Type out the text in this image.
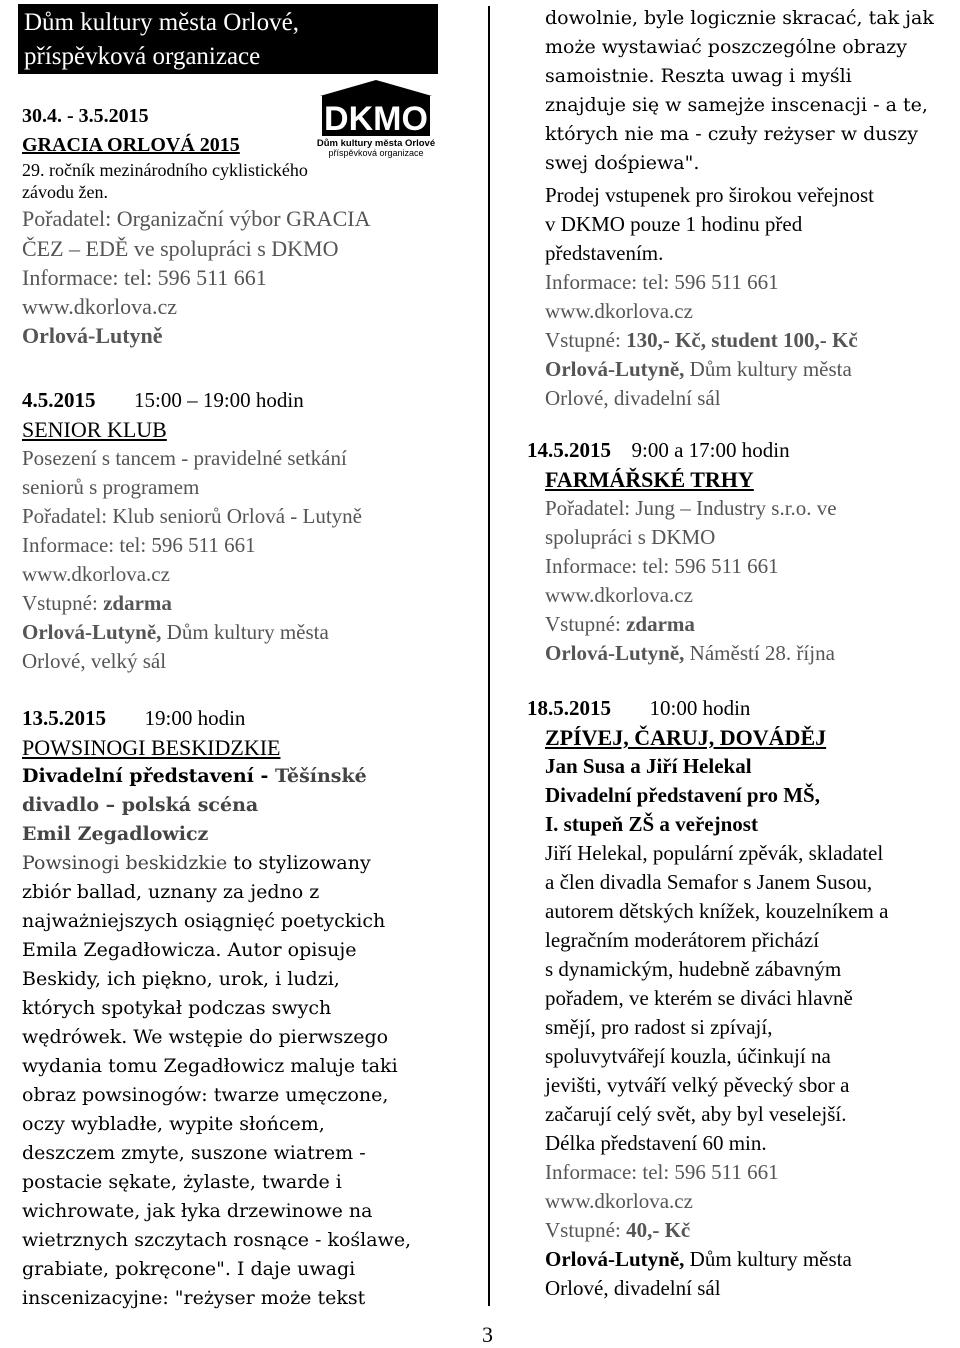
Dům kultury města Orlové,
příspěvková organizace
DKMO
Dům kultury města Orlové
příspěvková organizace
3
30.4. - 3.5.2015
GRACIA ORLOVÁ 2015
29. ročník mezinárodního cyklistického
závodu žen.
Pořadatel: Organizační výbor GRACIA
ČEZ – EDĚ ve spolupráci s DKMO
Informace: tel: 596 511 661
www.dkorlova.cz
Orlová-Lutyně
4.5.2015 15:00 – 19:00 hodin
SENIOR KLUB
Posezení s tancem - pravidelné setkání
seniorů s programem
Pořadatel: Klub seniorů Orlová - Lutyně
Informace: tel: 596 511 661
www.dkorlova.cz
Vstupné: zdarma
Orlová-Lutyně, Dům kultury města
Orlové, velký sál
13.5.2015 19:00 hodin
POWSINOGI BESKIDZKIE
Divadelní představení - Těšínské
divadlo – polská scéna
Emil Zegadlowicz
Powsinogi beskidzkie to stylizowany
zbiór ballad, uznany za jedno z
najważniejszych osiągnięć poetyckich
Emila Zegadłowicza. Autor opisuje
Beskidy, ich piękno, urok, i ludzi,
których spotykał podczas swych
wędrówek. We wstępie do pierwszego
wydania tomu Zegadłowicz maluje taki
obraz powsinogów: twarze umęczone,
oczy wybladłe, wypite słońcem,
deszczem zmyte, suszone wiatrem -
postacie sękate, żylaste, twarde i
wichrowate, jak łyka drzewinowe na
wietrznych szczytach rosnące - koślawe,
grabiate, pokręcone". I daje uwagi
inscenizacyjne: "reżyser może tekst
dowolnie, byle logicznie skracać, tak jak
może wystawiać poszczególne obrazy
samoistnie. Reszta uwag i myśli
znajduje się w samejże inscenacji - a te,
których nie ma - czuły reżyser w duszy
swej dośpiewa".
Prodej vstupenek pro širokou veřejnost
v DKMO pouze 1 hodinu před
představením.
Informace: tel: 596 511 661
www.dkorlova.cz
Vstupné: 130,- Kč, student 100,- Kč
Orlová-Lutyně, Dům kultury města
Orlové, divadelní sál
14.5.2015 9:00 a 17:00 hodin
FARMÁŘSKÉ TRHY
Pořadatel: Jung – Industry s.r.o. ve
spolupráci s DKMO
Informace: tel: 596 511 661
www.dkorlova.cz
Vstupné: zdarma
Orlová-Lutyně, Náměstí 28. října
18.5.2015 10:00 hodin
ZPÍVEJ, ČARUJ, DOVÁDĚJ
Jan Susa a Jiří Helekal
Divadelní představení pro MŠ,
I. stupeň ZŠ a veřejnost
Jiří Helekal, populární zpěvák, skladatel
a člen divadla Semafor s Janem Susou,
autorem dětských knížek, kouzelníkem a
legračním moderátorem přichází
s dynamickým, hudebně zábavným
pořadem, ve kterém se diváci hlavně
smějí, pro radost si zpívají,
spoluvytvářejí kouzla, účinkují na
jevišti, vytváří velký pěvecký sbor a
začarují celý svět, aby byl veselejší.
Délka představení 60 min.
Informace: tel: 596 511 661
www.dkorlova.cz
Vstupné: 40,- Kč
Orlová-Lutyně, Dům kultury města
Orlové, divadelní sál
